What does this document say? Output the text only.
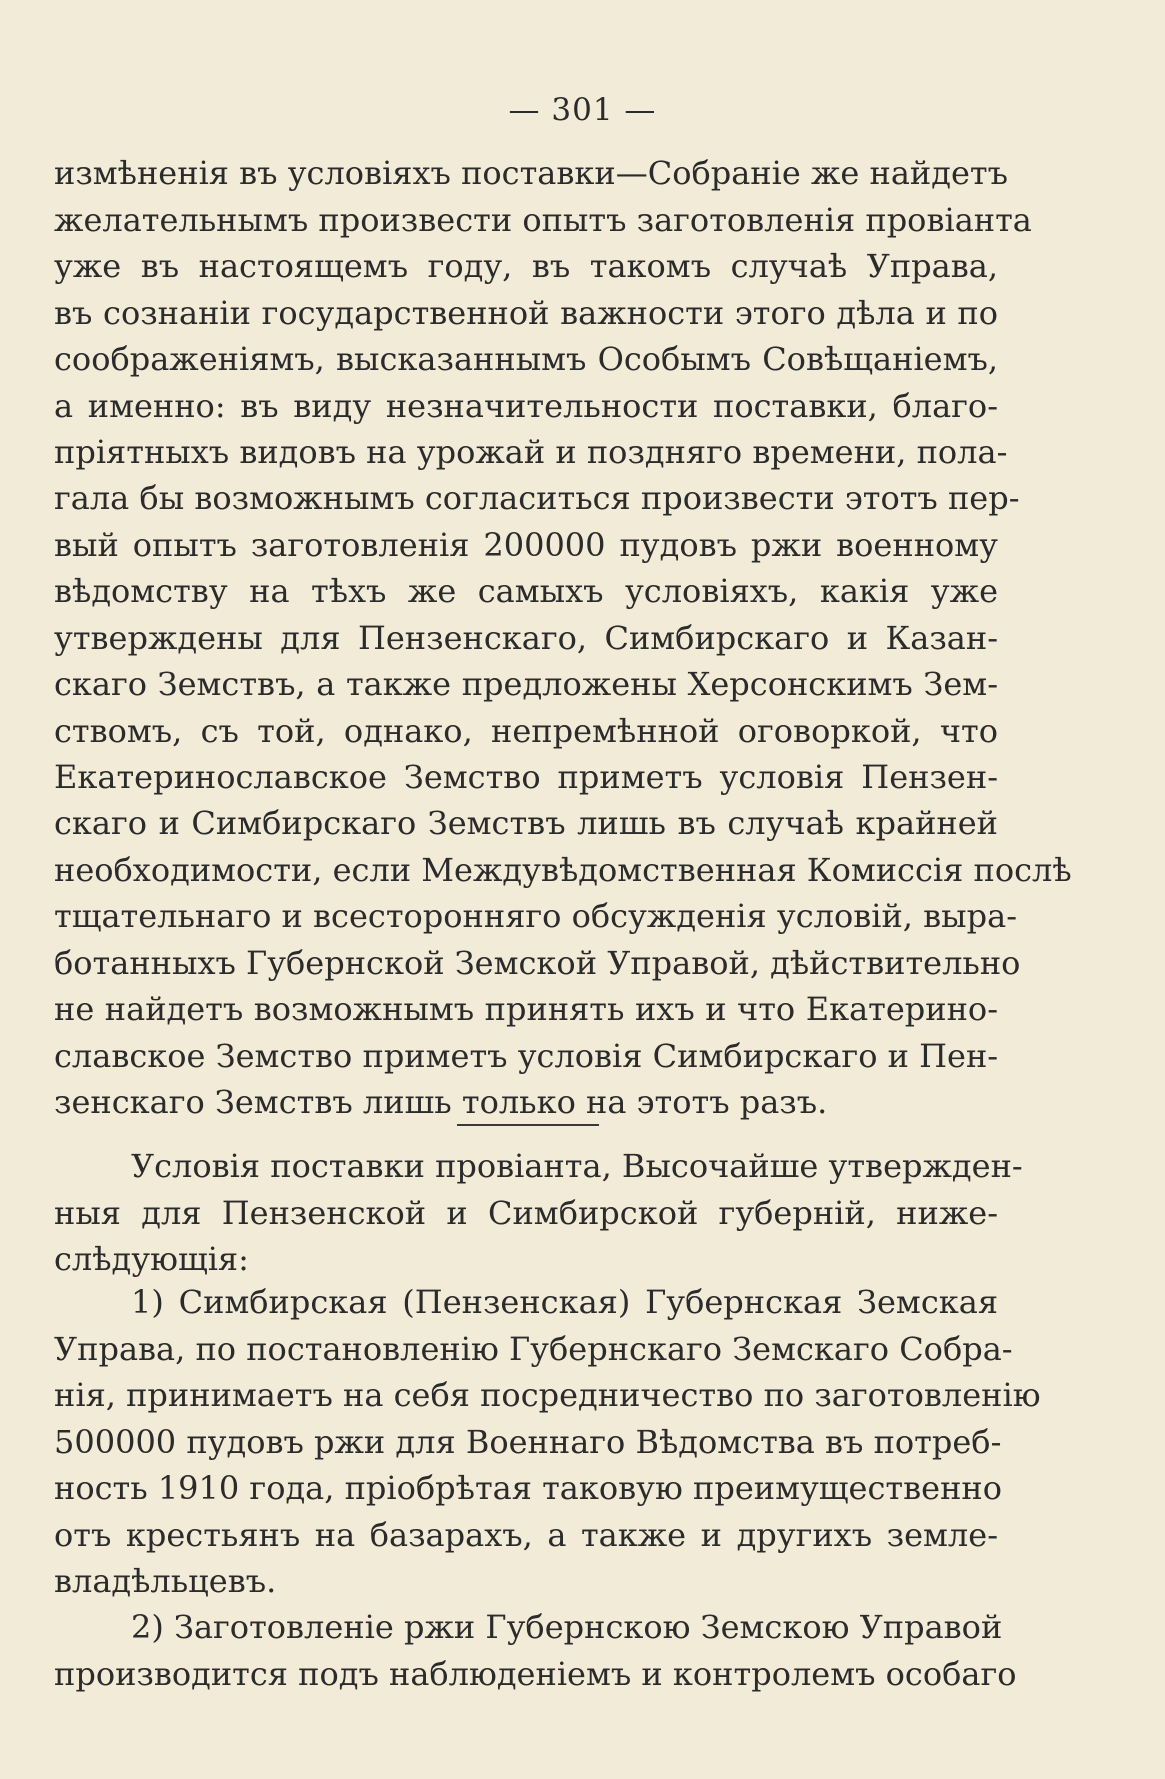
— 301 —
измѣненія въ условіяхъ поставки—Собраніе же найдетъ
желательнымъ произвести опытъ заготовленія провіанта
уже въ настоящемъ году, въ такомъ случаѣ Управа,
въ сознаніи государственной важности этого дѣла и по
соображеніямъ, высказаннымъ Особымъ Совѣщаніемъ,
а именно: въ виду незначительности поставки, благо-
пріятныхъ видовъ на урожай и поздняго времени, пола-
гала бы возможнымъ согласиться произвести этотъ пер-
вый опытъ заготовленія 200000 пудовъ ржи военному
вѣдомству на тѣхъ же самыхъ условіяхъ, какія уже
утверждены для Пензенскаго, Симбирскаго и Казан-
скаго Земствъ, а также предложены Херсонскимъ Зем-
ствомъ, съ той, однако, непремѣнной оговоркой, что
Екатеринославское Земство приметъ условія Пензен-
скаго и Симбирскаго Земствъ лишь въ случаѣ крайней
необходимости, если Междувѣдомственная Комиссія послѣ
тщательнаго и всесторонняго обсужденія условій, выра-
ботанныхъ Губернской Земской Управой, дѣйствительно
не найдетъ возможнымъ принять ихъ и что Екатерино-
славское Земство приметъ условія Симбирскаго и Пен-
зенскаго Земствъ лишь только на этотъ разъ.
Условія поставки провіанта, Высочайше утвержден-
ныя для Пензенской и Симбирской губерній, ниже-
слѣдующія:
1) Симбирская (Пензенская) Губернская Земская
Управа, по постановленію Губернскаго Земскаго Собра-
нія, принимаетъ на себя посредничество по заготовленію
500000 пудовъ ржи для Военнаго Вѣдомства въ потреб-
ность 1910 года, пріобрѣтая таковую преимущественно
отъ крестьянъ на базарахъ, а также и другихъ земле-
владѣльцевъ.
2) Заготовленіе ржи Губернскою Земскою Управой
производится подъ наблюденіемъ и контролемъ особаго
